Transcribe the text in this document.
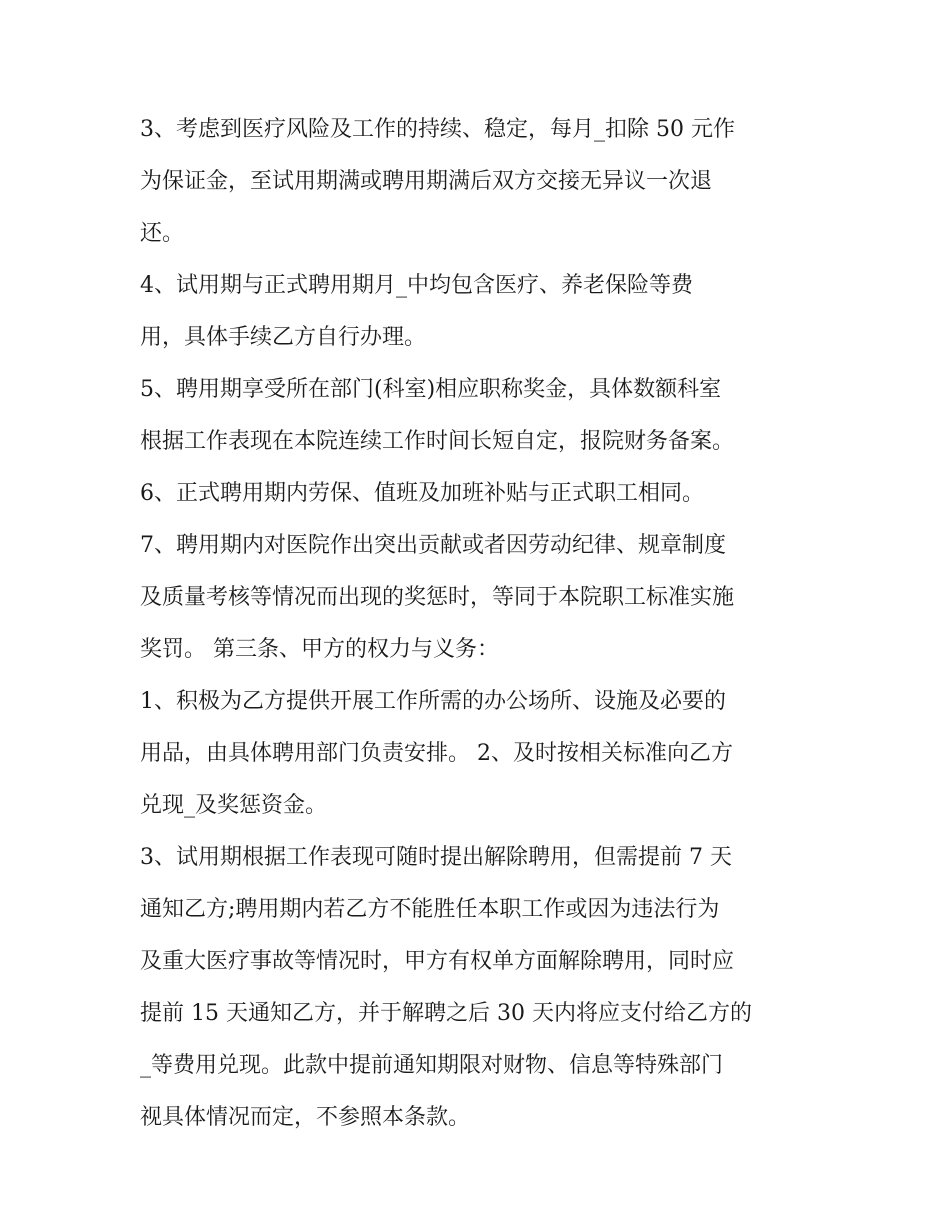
3、考虑到医疗风险及工作的持续、稳定，每月_扣除 50 元作
为保证金，至试用期满或聘用期满后双方交接无异议一次退
还。
4、试用期与正式聘用期月_中均包含医疗、养老保险等费
用，具体手续乙方自行办理。
5、聘用期享受所在部门(科室)相应职称奖金，具体数额科室
根据工作表现在本院连续工作时间长短自定，报院财务备案。
6、正式聘用期内劳保、值班及加班补贴与正式职工相同。
7、聘用期内对医院作出突出贡献或者因劳动纪律、规章制度
及质量考核等情况而出现的奖惩时，等同于本院职工标准实施
奖罚。 第三条、甲方的权力与义务：
1、积极为乙方提供开展工作所需的办公场所、设施及必要的
用品，由具体聘用部门负责安排。 2、及时按相关标准向乙方
兑现_及奖惩资金。
3、试用期根据工作表现可随时提出解除聘用，但需提前 7 天
通知乙方;聘用期内若乙方不能胜任本职工作或因为违法行为
及重大医疗事故等情况时，甲方有权单方面解除聘用，同时应
提前 15 天通知乙方，并于解聘之后 30 天内将应支付给乙方的
_等费用兑现。此款中提前通知期限对财物、信息等特殊部门
视具体情况而定，不参照本条款。
